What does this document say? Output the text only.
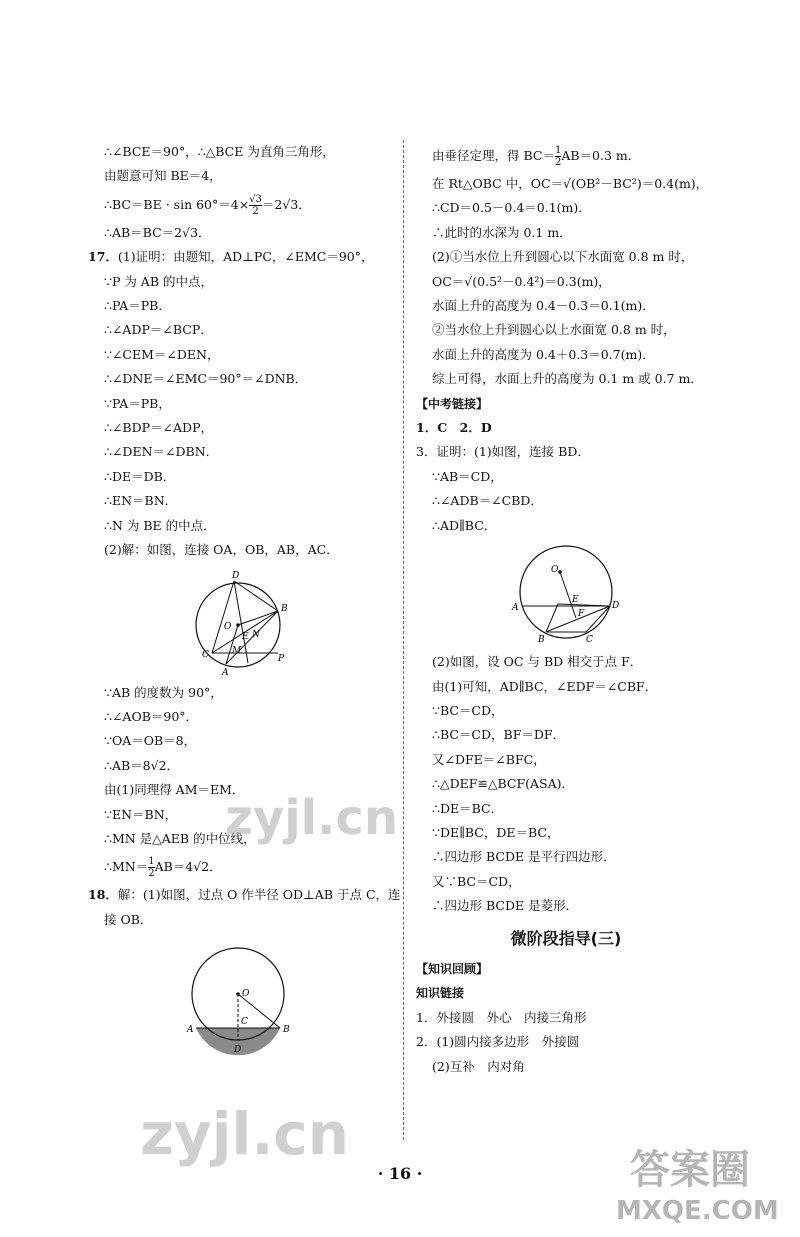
∴∠BCE＝90°，∴△BCE 为直角三角形，
由题意可知 BE＝4，
∴BC＝BE · $\sin 60^\circ=4\times \frac{√3}{2} =2√3$．
∴AB＝BC＝2√3．
17．(1)证明：由题知，AD⊥PC，∠EMC＝90°，
∵P 为 AB 的中点，
∴PA＝PB．
∴∠ADP＝∠BCP．
∵∠CEM＝∠DEN，
∴∠DNE＝∠EMC＝90°＝∠DNB．
∵PA＝PB，
∴∠BDP＝∠ADP，
∴∠DEN＝∠DBN．
∴DE＝DB．
∴EN＝BN．
∴N 为 BE 的中点．
(2)解：如图，连接 OA，OB，AB，AC．
D
O
B
N
E
M
C	P
A
∵AB 的度数为 90°，
∴∠AOB＝90°．
∵OA＝OB＝8，
∴AB＝8√2．
由(1)同理得 AM＝EM．
∵EN＝BN，
∴MN 是△AEB 的中位线，
∴MN＝ $\frac{1}{2} AB=4√2$．
18．解：(1)如图，过点 O 作半径 OD⊥AB 于点 C，连
接 OB．
O
A
C
D
B
由垂径定理，得 $BC= \frac{1}{2} AB=0.3$ m．
在 Rt△OBC 中，OC＝√(OB²－BC²)＝0.4(m)，
∴CD＝0.5－0.4＝0.1(m)．
∴此时的水深为 0.1 m．
(2)①当水位上升到圆心以下水面宽 0.8 m 时，
OC＝√(0.5²－0.4²)＝0.3(m)，
水面上升的高度为 0.4－0.3＝0.1(m)．
②当水位上升到圆心以上水面宽 0.8 m 时，
水面上升的高度为 0.4＋0.3＝0.7(m)．
综上可得，水面上升的高度为 0.1 m 或 0.7 m．
【中考链接】
1．C　2．D
3．证明：(1)如图，连接 BD．
∵AB＝CD，
∴∠ADB＝∠CBD．
∴AD∥BC．
O
E
F
A	D
B	C
(2)如图，设 OC 与 BD 相交于点 F．
由(1)可知，AD∥BC，∠EDF＝∠CBF．
∵BC＝CD，
∴BC＝CD，BF＝DF．
又∠DFE＝∠BFC，
∴△DEF≌△BCF(ASA)．
∴DE＝BC．
∵DE∥BC，DE＝BC，
∴四边形 BCDE 是平行四边形．
又∵BC＝CD，
∴四边形 BCDE 是菱形．
微阶段指导(三)
【知识回顾】
知识链接
1．外接圆　外心　内接三角形
2．(1)圆内接多边形　外接圆
(2)互补　内对角
· 16 ·
zyjl.cn
zyjl.cn
答案圈
MXQE.COM
